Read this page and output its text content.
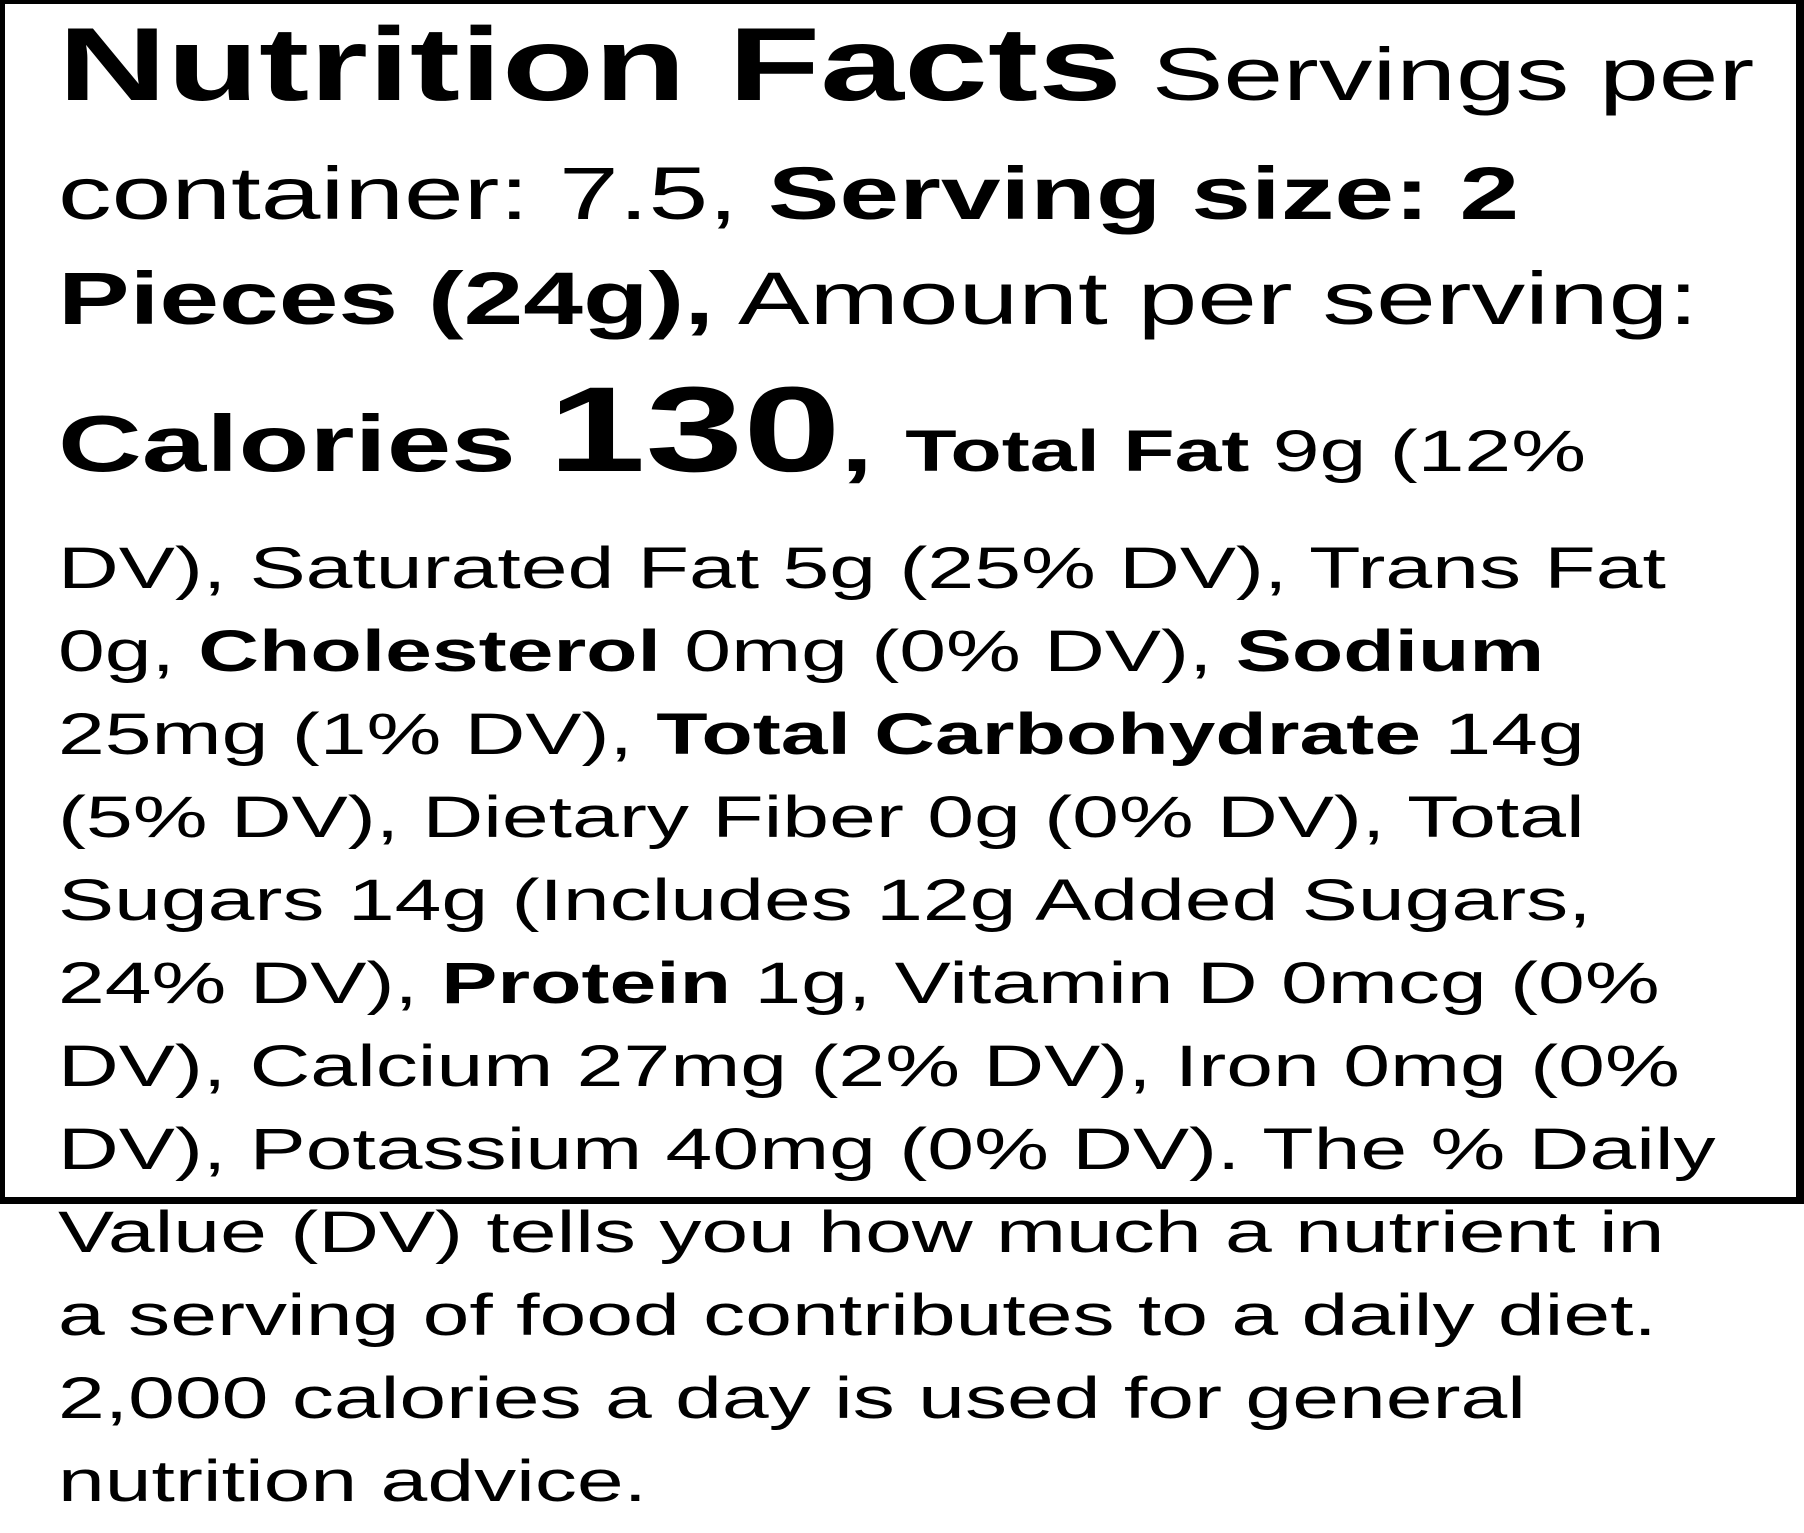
Nutrition Facts Servings per
container: 7.5, Serving size: 2
Pieces (24g), Amount per serving:
Calories 130, Total Fat 9g (12%
DV), Saturated Fat 5g (25% DV), Trans Fat
0g, Cholesterol 0mg (0% DV), Sodium
25mg (1% DV), Total Carbohydrate 14g
(5% DV), Dietary Fiber 0g (0% DV), Total
Sugars 14g (Includes 12g Added Sugars,
24% DV), Protein 1g, Vitamin D 0mcg (0%
DV), Calcium 27mg (2% DV), Iron 0mg (0%
DV), Potassium 40mg (0% DV). The % Daily
Value (DV) tells you how much a nutrient in
a serving of food contributes to a daily diet.
2,000 calories a day is used for general
nutrition advice.
